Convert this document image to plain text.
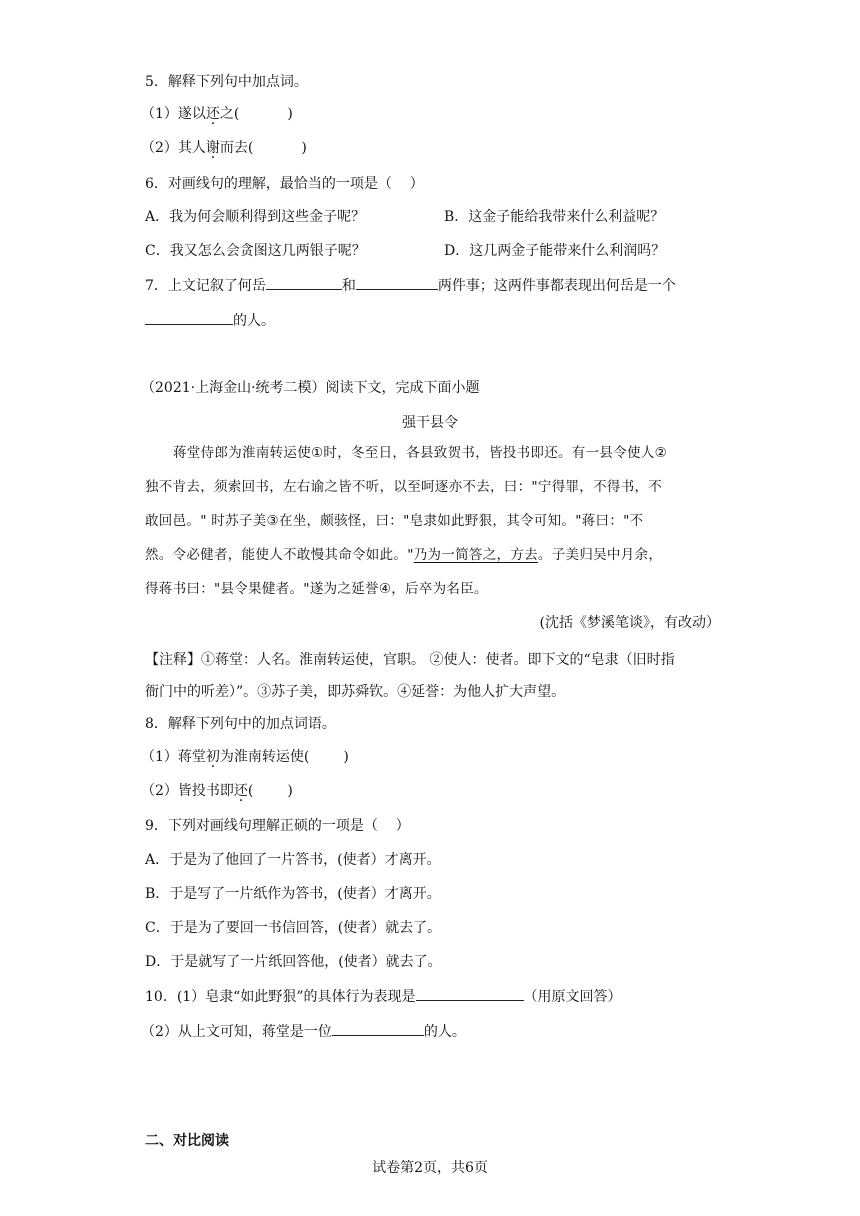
5．解释下列句中加点词。
（1）遂以还之(	)
（2）其人谢而去(	)
6．对画线句的理解，最恰当的一项是（    ）
A．我为何会顺利得到这些金子呢？	B．这金子能给我带来什么利益呢？
C．我又怎么会贪图这几两银子呢？	D．这几两金子能带来什么利润吗？
7．上文记叙了何岳	和	两件事；这两件事都表现出何岳是一个
的人。
（2021·上海金山·统考二模）阅读下文，完成下面小题
强干县令
蒋堂侍郎为淮南转运使①时，冬至日，各县致贺书，皆投书即还。有一县令使人②
独不肯去，须索回书，左右谕之皆不听，以至呵逐亦不去，曰："宁得罪，不得书，不
敢回邑。" 时苏子美③在坐，颇骇怪，曰："皂隶如此野狠，其令可知。"蒋曰："不
然。令必健者，能使人不敢慢其命令如此。"乃为一简答之，方去。子美归吴中月余，
得蒋书曰："县令果健者。"遂为之延誉④，后卒为名臣。
(沈括《梦溪笔谈》，有改动）
【注释】①蒋堂：人名。淮南转运使，官职。 ②使人：使者。即下文的“皂隶（旧时指
衙门中的听差）”。③苏子美，即苏舜钦。④延誉：为他人扩大声望。
8．解释下列句中的加点词语。
（1）蒋堂初为淮南转运使( )
（2）皆投书即还( )
9．下列对画线句理解正硕的一项是（    ）
A．于是为了他回了一片答书，(使者）才离开。
B．于是写了一片纸作为答书，(使者）才离开。
C．于是为了要回一书信回答，(使者）就去了。
D．于是就写了一片纸回答他，(使者）就去了。
10．(1）皂隶“如此野狠”的具体行为表现是	（用原文回答）
（2）从上文可知，蒋堂是一位	的人。
二、对比阅读
试卷第2页，共6页
